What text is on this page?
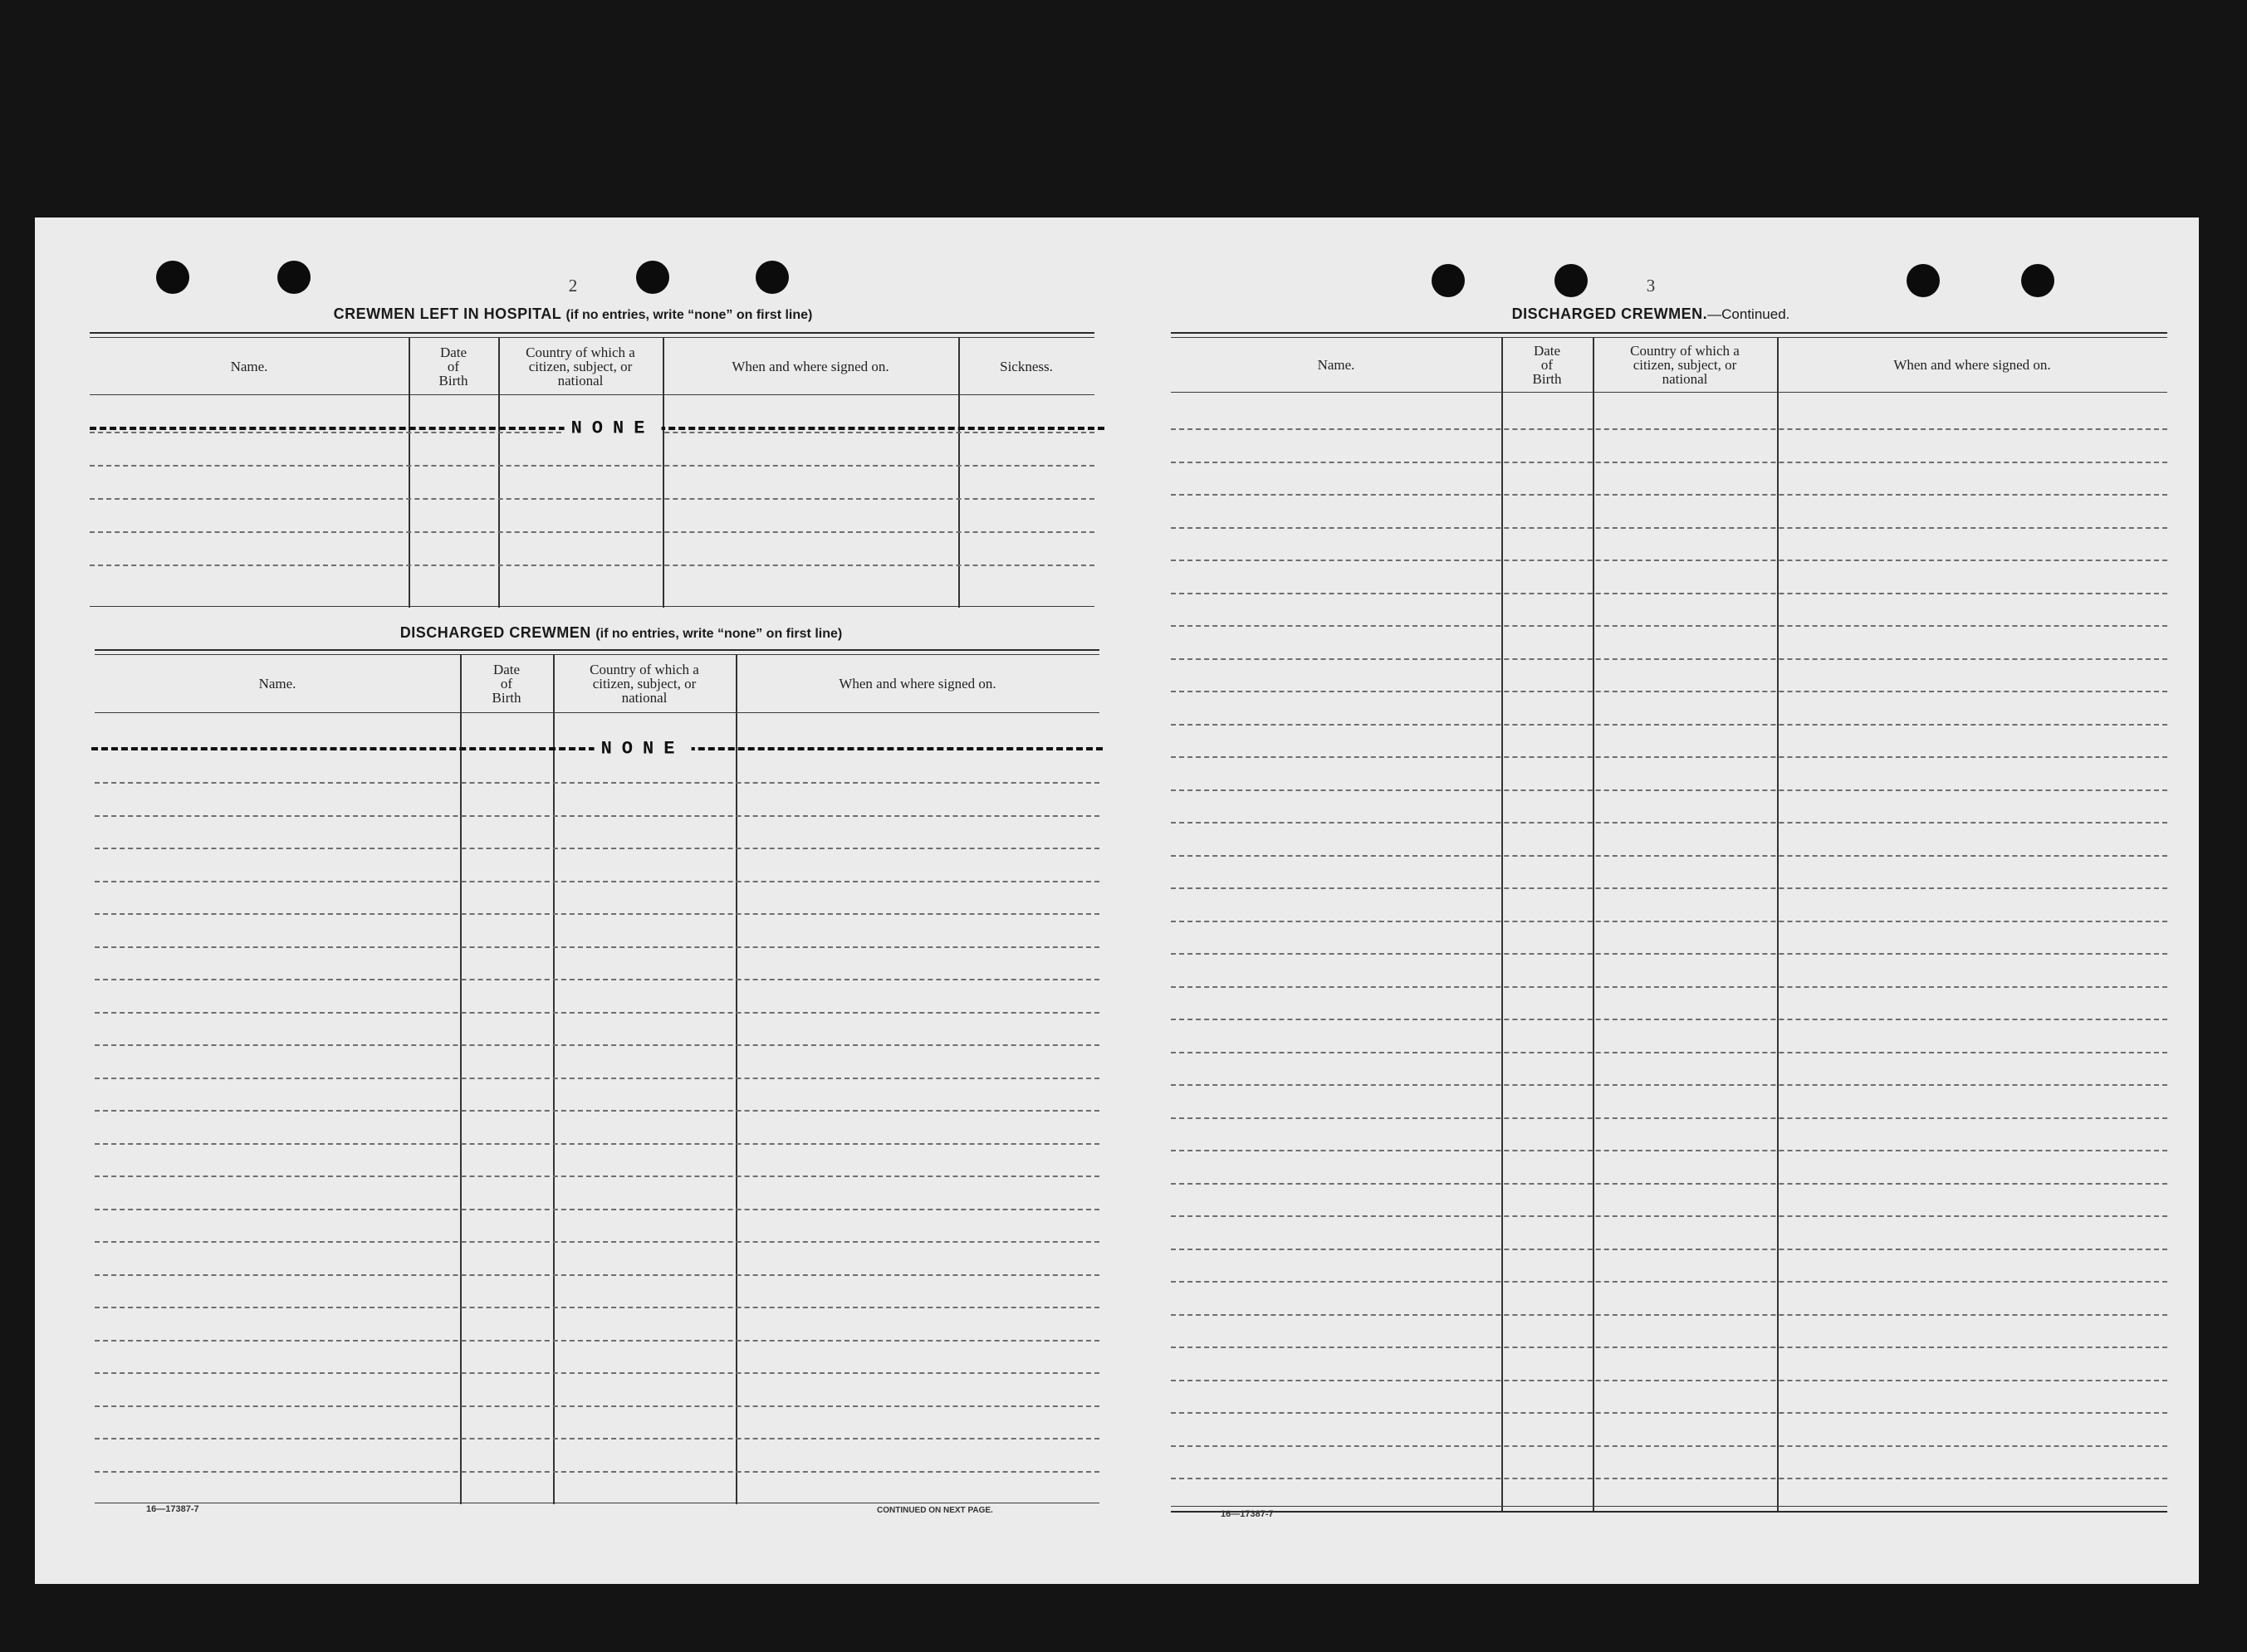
2
CREWMEN LEFT IN HOSPITAL (if no entries, write “none” on first line)
Name.
Date
of
Birth
Country of which a
citizen, subject, or
national
When and where signed on.	Sickness.
NONE
DISCHARGED CREWMEN (if no entries, write “none” on first line)
Name.
Date
of
Birth
Country of which a
citizen, subject, or
national
When and where signed on.
NONE
16—17387-7	CONTINUED ON NEXT PAGE.
3
DISCHARGED CREWMEN.—Continued.
Name.
Date
of
Birth
Country of which a
citizen, subject, or
national
When and where signed on.
16—17387-7
